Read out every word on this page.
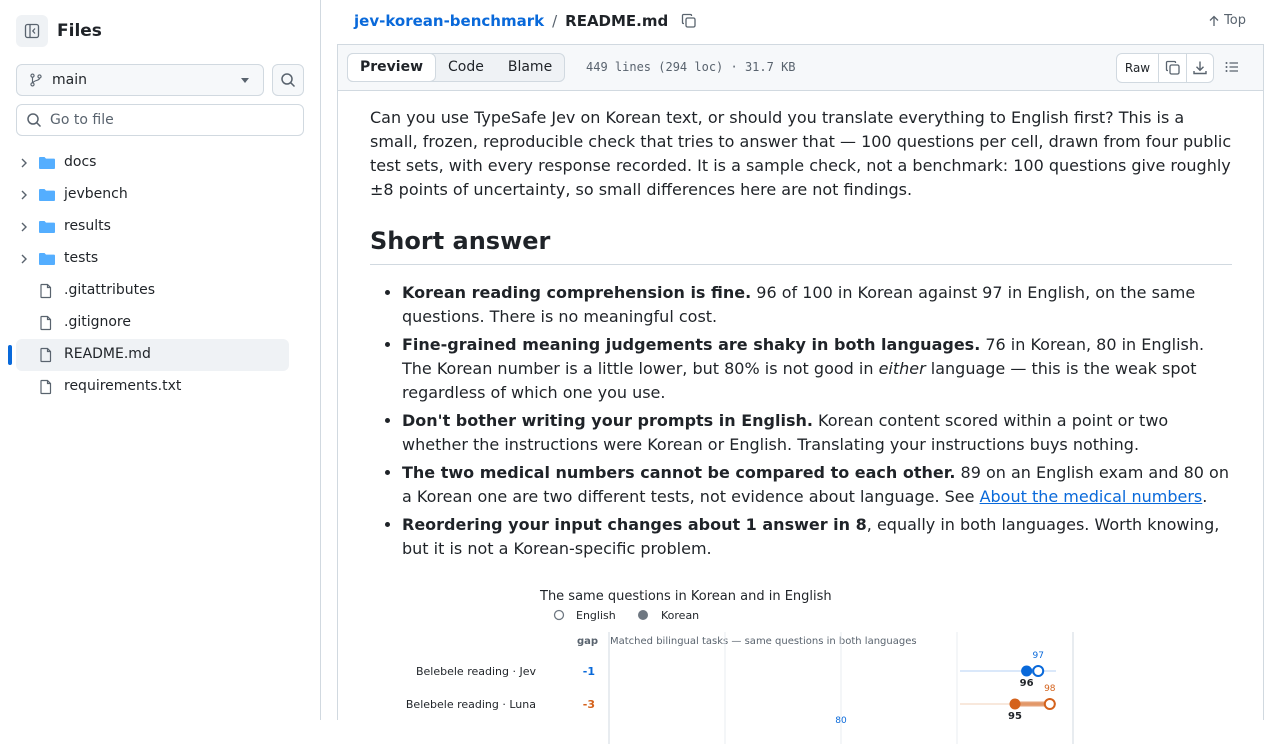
Files
main
Go to file
docs
jevbench
results
tests
.gitattributes
.gitignore
README.md
requirements.txt
jev-korean-benchmark / README.md	Top
Preview	Code	Blame	449 lines (294 loc) · 31.7 KB	Raw

Can you use TypeSafe Jev on Korean text, or should you translate everything to English first? This is a small, frozen, reproducible check that tries to answer that — 100 questions per cell, drawn from four public test sets, with every response recorded. It is a sample check, not a benchmark: 100 questions give roughly ±8 points of uncertainty, so small differences here are not findings.

Short answer
• Korean reading comprehension is fine. 96 of 100 in Korean against 97 in English, on the same questions. There is no meaningful cost.
• Fine-grained meaning judgements are shaky in both languages. 76 in Korean, 80 in English. The Korean number is a little lower, but 80% is not good in either language — this is the weak spot regardless of which one you use.
• Don't bother writing your prompts in English. Korean content scored within a point or two whether the instructions were Korean or English. Translating your instructions buys nothing.
• The two medical numbers cannot be compared to each other. 89 on an English exam and 80 on a Korean one are two different tests, not evidence about language. See About the medical numbers.
• Reordering your input changes about 1 answer in 8, equally in both languages. Worth knowing, but it is not a Korean-specific problem.
The same questions in Korean and in English
English	Korean
gap Matched bilingual tasks — same questions in both languages
80
Belebele reading · Jev	-1
97
96
Belebele reading · Luna	-3
98
95
